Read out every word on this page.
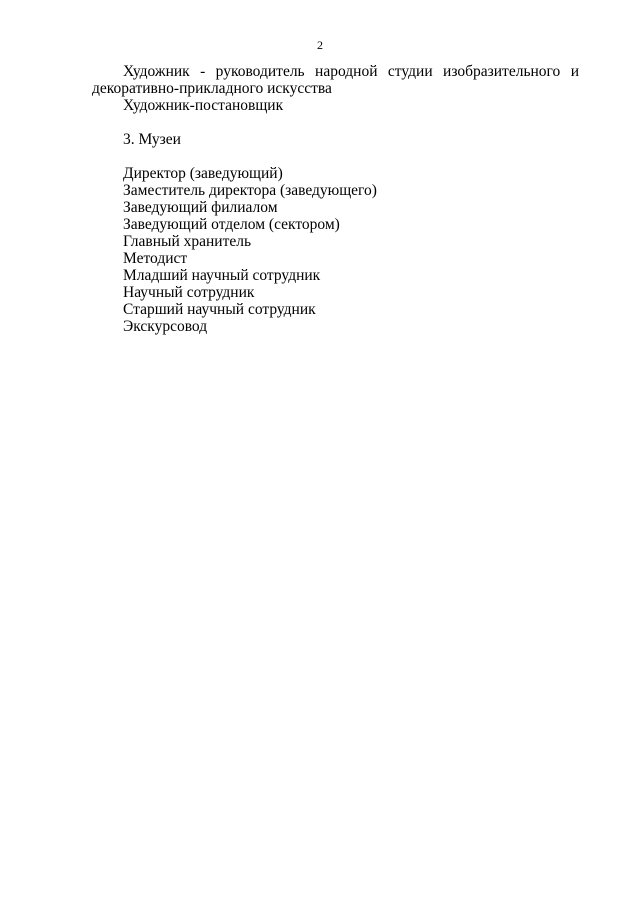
2

Художник - руководитель народной студии изобразительного и декоративно-прикладного искусства

Художник-постановщик

3. Музеи

Директор (заведующий)
Заместитель директора (заведующего)
Заведующий филиалом
Заведующий отделом (сектором)
Главный хранитель
Методист
Младший научный сотрудник
Научный сотрудник
Старший научный сотрудник
Экскурсовод
